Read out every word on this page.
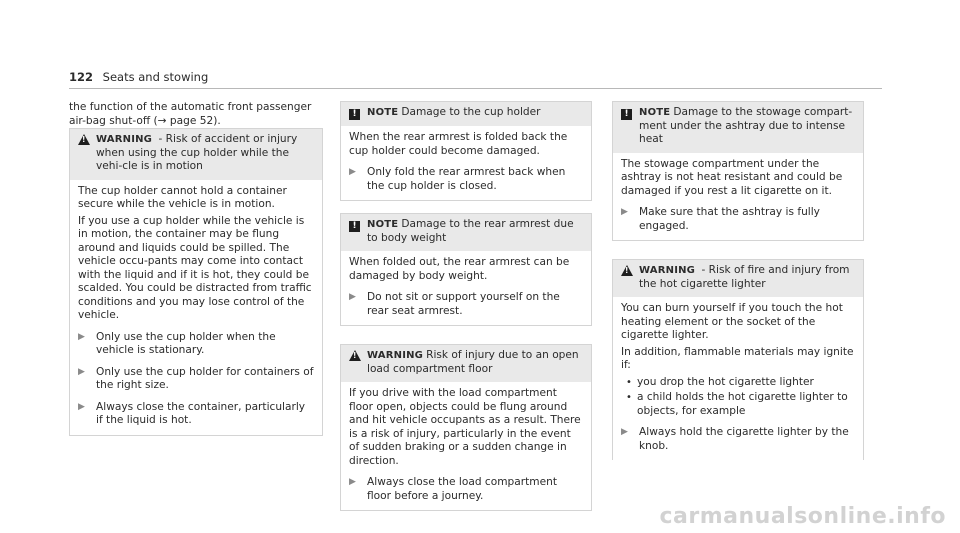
122 Seats and stowing

the function of the automatic front passenger air-bag shut-off (→ page 52).

!
WARNING - Risk of accident or injury when using the cup holder while the vehi-cle is in motion

The cup holder cannot hold a container secure while the vehicle is in motion.

If you use a cup holder while the vehicle is in motion, the container may be flung around and liquids could be spilled. The vehicle occu-pants may come into contact with the liquid and if it is hot, they could be scalded. You could be distracted from traffic conditions and you may lose control of the vehicle.

▶	Only use the cup holder when the vehicle is stationary.
▶	Only use the cup holder for containers of the right size.
▶	Always close the container, particularly if the liquid is hot.
!	NOTE Damage to the cup holder

When the rear armrest is folded back the cup holder could become damaged.

▶	Only fold the rear armrest back when the cup holder is closed.
!	NOTE Damage to the rear armrest due to body weight

When folded out, the rear armrest can be damaged by body weight.

▶	Do not sit or support yourself on the rear seat armrest.
!
WARNING Risk of injury due to an open load compartment floor

If you drive with the load compartment floor open, objects could be flung around and hit vehicle occupants as a result. There is a risk of injury, particularly in the event of sudden braking or a sudden change in direction.

▶	Always close the load compartment floor before a journey.
!	NOTE Damage to the stowage compart-ment under the ashtray due to intense heat

The stowage compartment under the ashtray is not heat resistant and could be damaged if you rest a lit cigarette on it.

▶	Make sure that the ashtray is fully engaged.
!
WARNING - Risk of fire and injury from the hot cigarette lighter

You can burn yourself if you touch the hot heating element or the socket of the cigarette lighter.

In addition, flammable materials may ignite if:

• you drop the hot cigarette lighter
• a child holds the hot cigarette lighter to objects, for example
▶	Always hold the cigarette lighter by the knob.
carmanualsonline.info
